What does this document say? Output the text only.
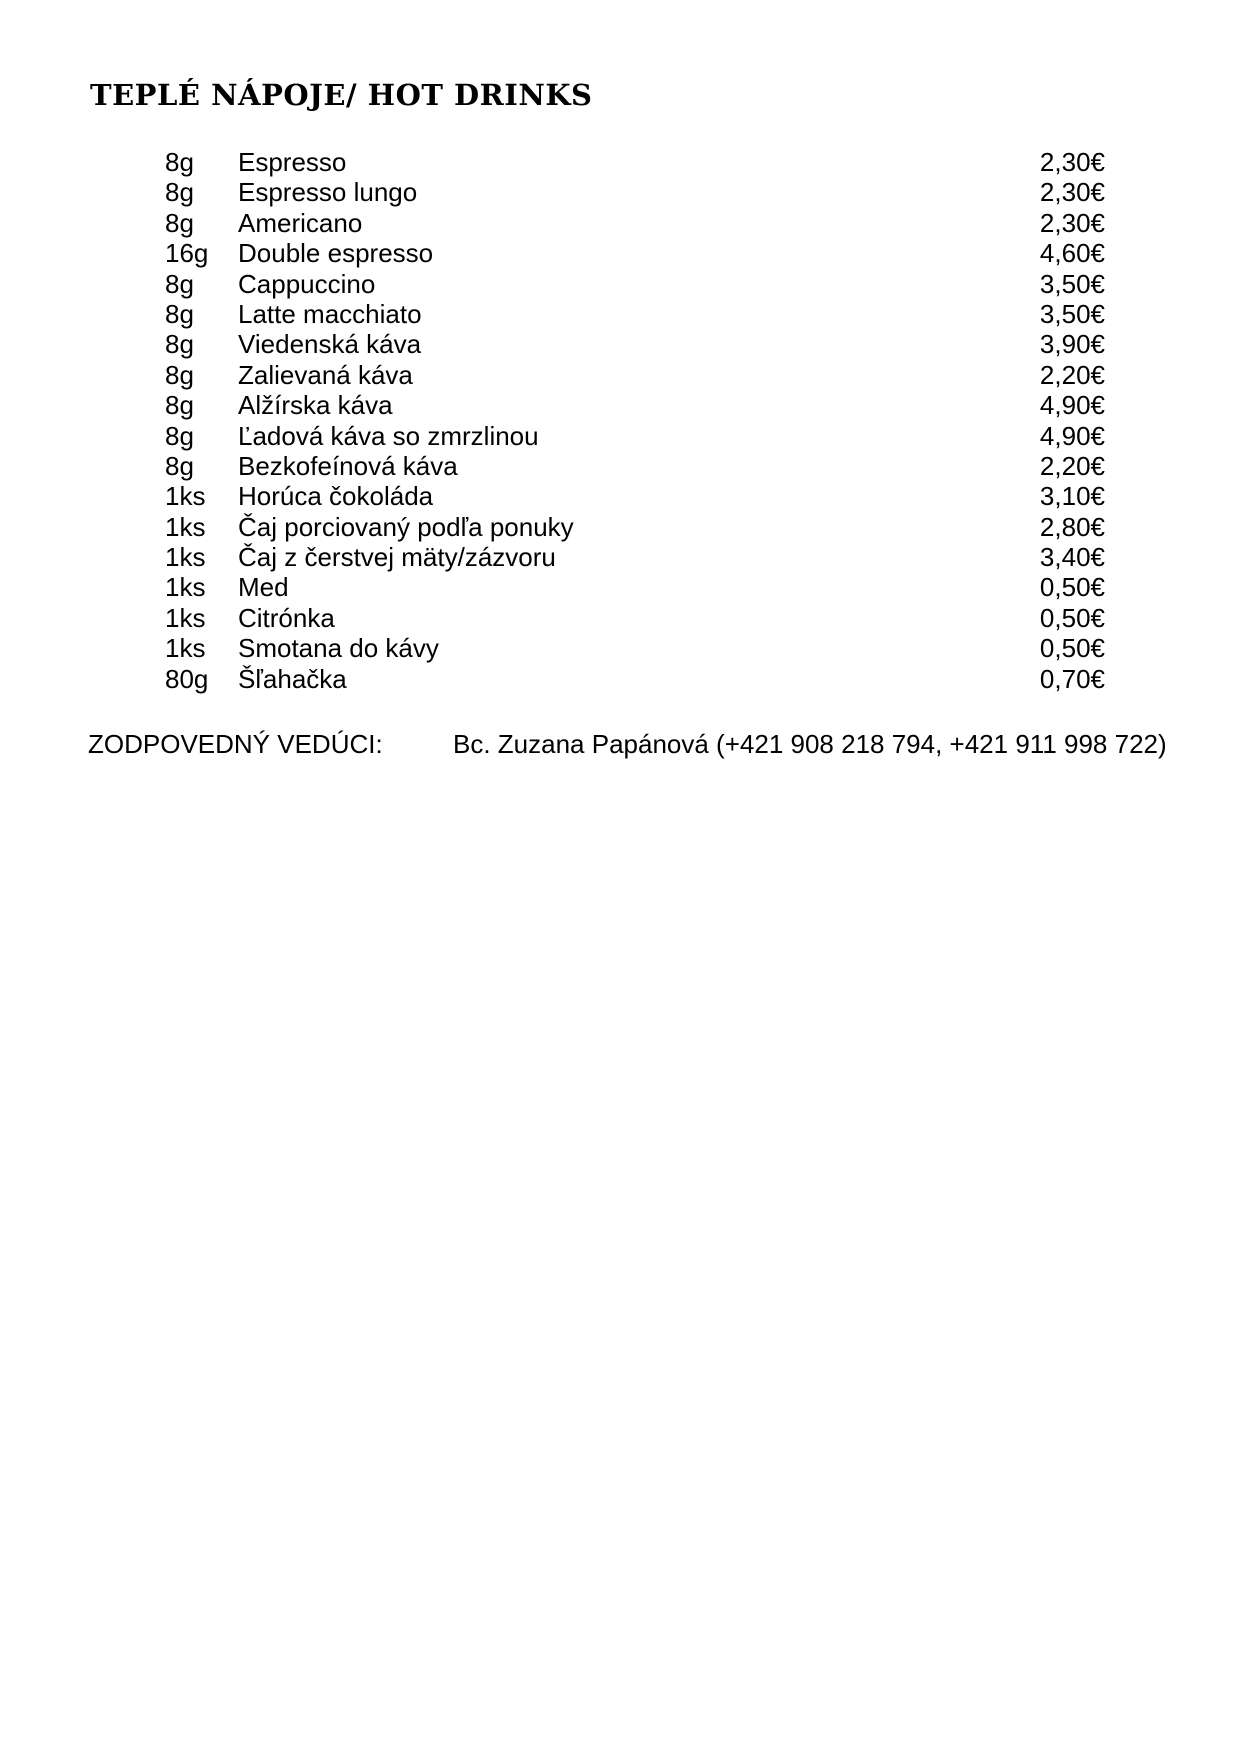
TEPLÉ NÁPOJE/ HOT DRINKS
8g	Espresso	2,30€
8g	Espresso lungo	2,30€
8g	Americano	2,30€
16g	Double espresso	4,60€
8g	Cappuccino	3,50€
8g	Latte macchiato	3,50€
8g	Viedenská káva	3,90€
8g	Zalievaná káva	2,20€
8g	Alžírska káva	4,90€
8g	Ľadová káva so zmrzlinou	4,90€
8g	Bezkofeínová káva	2,20€
1ks	Horúca čokoláda	3,10€
1ks	Čaj porciovaný podľa ponuky	2,80€
1ks	Čaj z čerstvej mäty/zázvoru	3,40€
1ks	Med	0,50€
1ks	Citrónka	0,50€
1ks	Smotana do kávy	0,50€
80g	Šľahačka	0,70€
ZODPOVEDNÝ VEDÚCI:	Bc. Zuzana Papánová (+421 908 218 794, +421 911 998 722)
